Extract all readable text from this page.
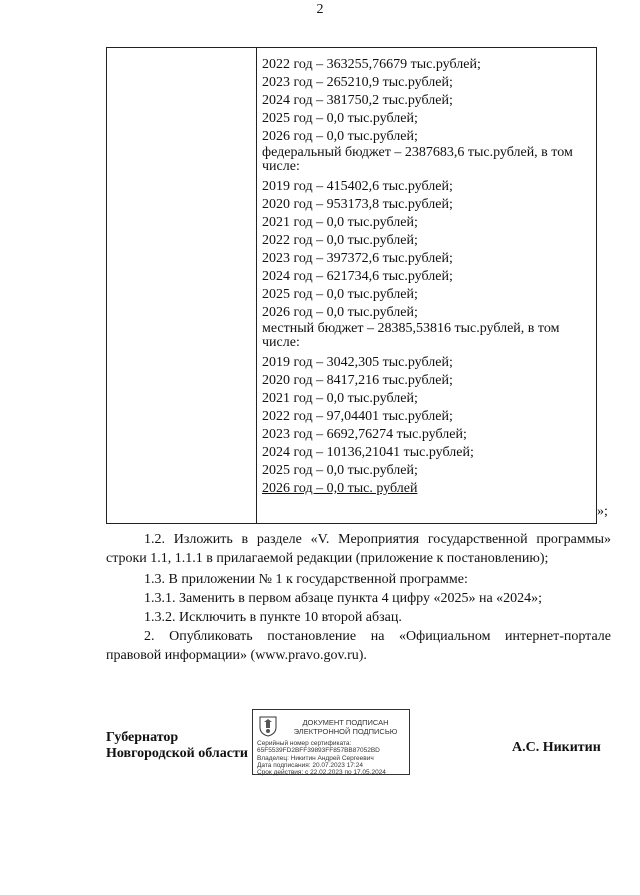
2
2022 год – 363255,76679 тыс.рублей;
2023 год – 265210,9 тыс.рублей;
2024 год – 381750,2 тыс.рублей;
2025 год – 0,0 тыс.рублей;
2026 год – 0,0 тыс.рублей;
федеральный бюджет – 2387683,6 тыс.рублей, в том числе:
2019 год – 415402,6 тыс.рублей;
2020 год – 953173,8 тыс.рублей;
2021 год – 0,0 тыс.рублей;
2022 год – 0,0 тыс.рублей;
2023 год – 397372,6 тыс.рублей;
2024 год – 621734,6 тыс.рублей;
2025 год – 0,0 тыс.рублей;
2026 год – 0,0 тыс.рублей;
местный бюджет – 28385,53816 тыс.рублей, в том числе:
2019 год – 3042,305 тыс.рублей;
2020 год – 8417,216 тыс.рублей;
2021 год – 0,0 тыс.рублей;
2022 год – 97,04401 тыс.рублей;
2023 год – 6692,76274 тыс.рублей;
2024 год – 10136,21041 тыс.рублей;
2025 год – 0,0 тыс.рублей;
2026 год – 0,0 тыс. рублей
»;
1.2. Изложить в разделе «V. Мероприятия государственной программы» строки 1.1, 1.1.1 в прилагаемой редакции (приложение к постановлению);
1.3. В приложении № 1 к государственной программе:
1.3.1. Заменить в первом абзаце пункта 4 цифру «2025» на «2024»;
1.3.2. Исключить в пункте 10 второй абзац.
2. Опубликовать постановление на «Официальном интернет-портале правовой информации» (www.pravo.gov.ru).
Губернатор
Новгородской области
ДОКУМЕНТ ПОДПИСАН
ЭЛЕКТРОННОЙ ПОДПИСЬЮ
Серийный номер сертификата:
65F5539FD2BFF39893FF857BB87052BD
Владелец: Никитин Андрей Сергеевич
Дата подписания: 20.07.2023 17:24
Срок действия: с 22.02.2023 по 17.05.2024
А.С. Никитин
